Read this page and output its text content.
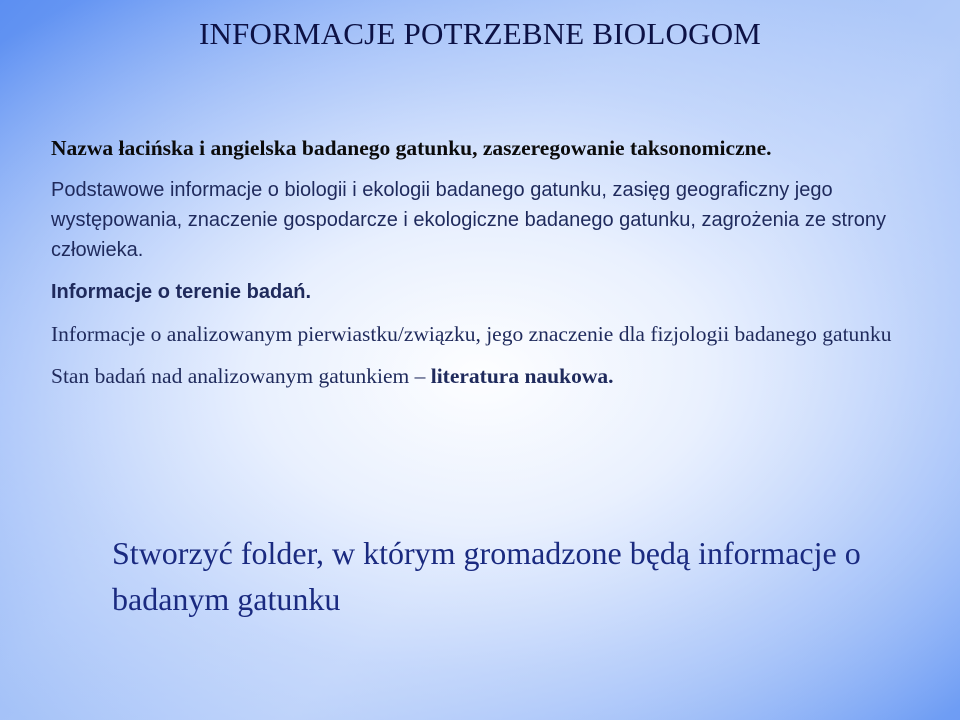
INFORMACJE POTRZEBNE BIOLOGOM

Nazwa łacińska i angielska badanego gatunku, zaszeregowanie taksonomiczne.

Podstawowe informacje o biologii i ekologii badanego gatunku, zasięg geograficzny jego występowania, znaczenie gospodarcze i ekologiczne badanego gatunku, zagrożenia ze strony człowieka.

Informacje o terenie badań.

Informacje o analizowanym pierwiastku/związku, jego znaczenie dla fizjologii badanego gatunku

Stan badań nad analizowanym gatunkiem – literatura naukowa.

Stworzyć folder, w którym gromadzone będą informacje o badanym gatunku
